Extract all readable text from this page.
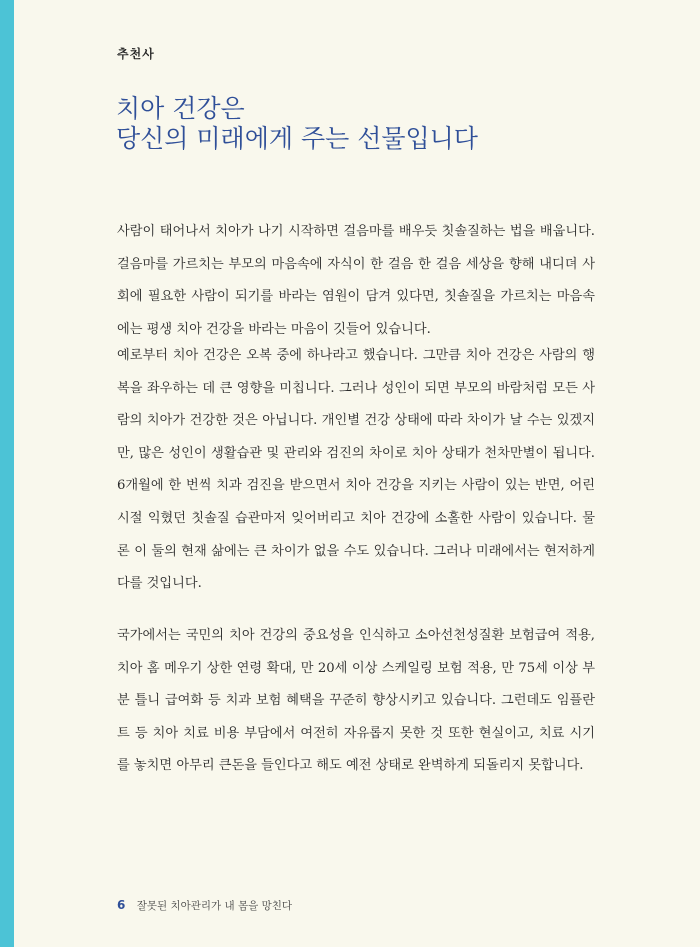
추천사
치아 건강은
당신의 미래에게 주는 선물입니다
사람이 태어나서 치아가 나기 시작하면 걸음마를 배우듯 칫솔질하는 법을 배웁니다.
걸음마를 가르치는 부모의 마음속에 자식이 한 걸음 한 걸음 세상을 향해 내디뎌 사
회에 필요한 사람이 되기를 바라는 염원이 담겨 있다면, 칫솔질을 가르치는 마음속
에는 평생 치아 건강을 바라는 마음이 깃들어 있습니다.
예로부터 치아 건강은 오복 중에 하나라고 했습니다. 그만큼 치아 건강은 사람의 행
복을 좌우하는 데 큰 영향을 미칩니다. 그러나 성인이 되면 부모의 바람처럼 모든 사
람의 치아가 건강한 것은 아닙니다. 개인별 건강 상태에 따라 차이가 날 수는 있겠지
만, 많은 성인이 생활습관 및 관리와 검진의 차이로 치아 상태가 천차만별이 됩니다.
6개월에 한 번씩 치과 검진을 받으면서 치아 건강을 지키는 사람이 있는 반면, 어린
시절 익혔던 칫솔질 습관마저 잊어버리고 치아 건강에 소홀한 사람이 있습니다. 물
론 이 둘의 현재 삶에는 큰 차이가 없을 수도 있습니다. 그러나 미래에서는 현저하게
다를 것입니다.
국가에서는 국민의 치아 건강의 중요성을 인식하고 소아선천성질환 보험급여 적용,
치아 홈 메우기 상한 연령 확대, 만 20세 이상 스케일링 보험 적용, 만 75세 이상 부
분 틀니 급여화 등 치과 보험 혜택을 꾸준히 향상시키고 있습니다. 그런데도 임플란
트 등 치아 치료 비용 부담에서 여전히 자유롭지 못한 것 또한 현실이고, 치료 시기
를 놓치면 아무리 큰돈을 들인다고 해도 예전 상태로 완벽하게 되돌리지 못합니다.
6 잘못된 치아관리가 내 몸을 망친다
